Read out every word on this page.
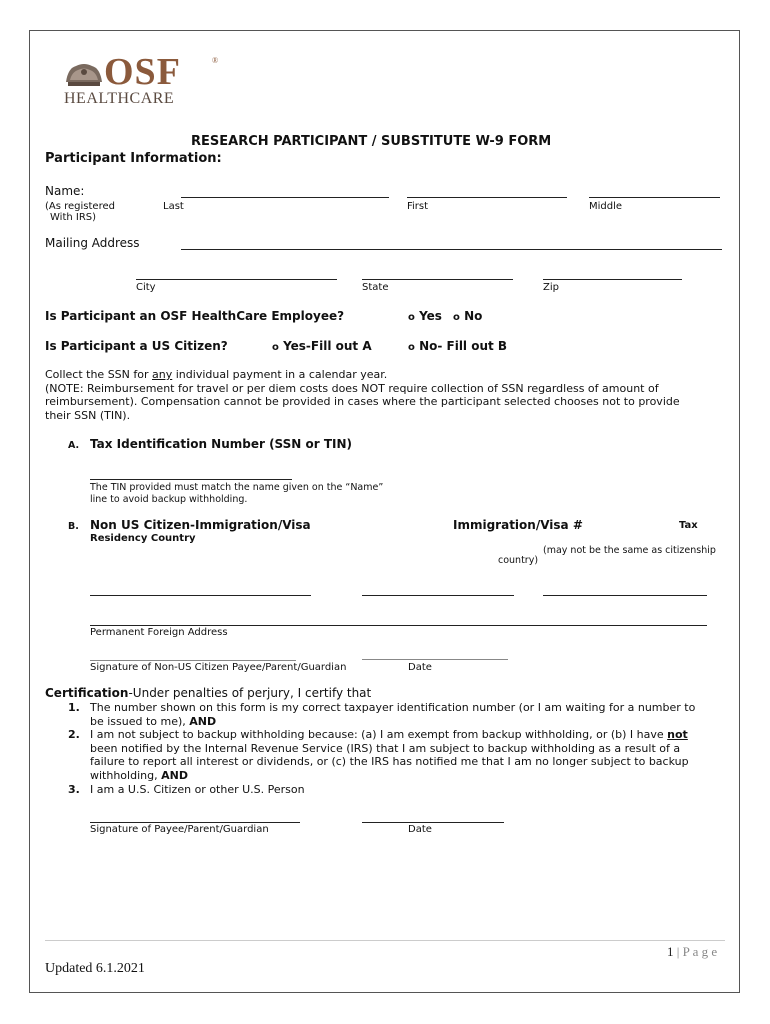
OSF	®
HEALTHCARE
RESEARCH PARTICIPANT / SUBSTITUTE W-9 FORM
Participant Information:
Name:
(As registered
With IRS)
Last	First	Middle
Mailing Address
City	State	Zip
Is Participant an OSF HealthCare Employee?	o Yes o No
Is Participant a US Citizen?	o Yes-Fill out A	o No- Fill out B
Collect the SSN for any individual payment in a calendar year.
(NOTE: Reimbursement for travel or per diem costs does NOT require collection of SSN regardless of amount of
reimbursement). Compensation cannot be provided in cases where the participant selected chooses not to provide
their SSN (TIN).
A. Tax Identification Number (SSN or TIN)
The TIN provided must match the name given on the “Name”
line to avoid backup withholding.
B. Non US Citizen-Immigration/Visa	Immigration/Visa #	Tax
Residency Country
(may not be the same as citizenship
country)
Permanent Foreign Address
Signature of Non-US Citizen Payee/Parent/Guardian	Date
Certification-Under penalties of perjury, I certify that
1. The number shown on this form is my correct taxpayer identification number (or I am waiting for a number to
be issued to me), AND
2. I am not subject to backup withholding because: (a) I am exempt from backup withholding, or (b) I have not
been notified by the Internal Revenue Service (IRS) that I am subject to backup withholding as a result of a
failure to report all interest or dividends, or (c) the IRS has notified me that I am no longer subject to backup
withholding, AND
3. I am a U.S. Citizen or other U.S. Person
Signature of Payee/Parent/Guardian	Date
1 | P a g e
Updated 6.1.2021
